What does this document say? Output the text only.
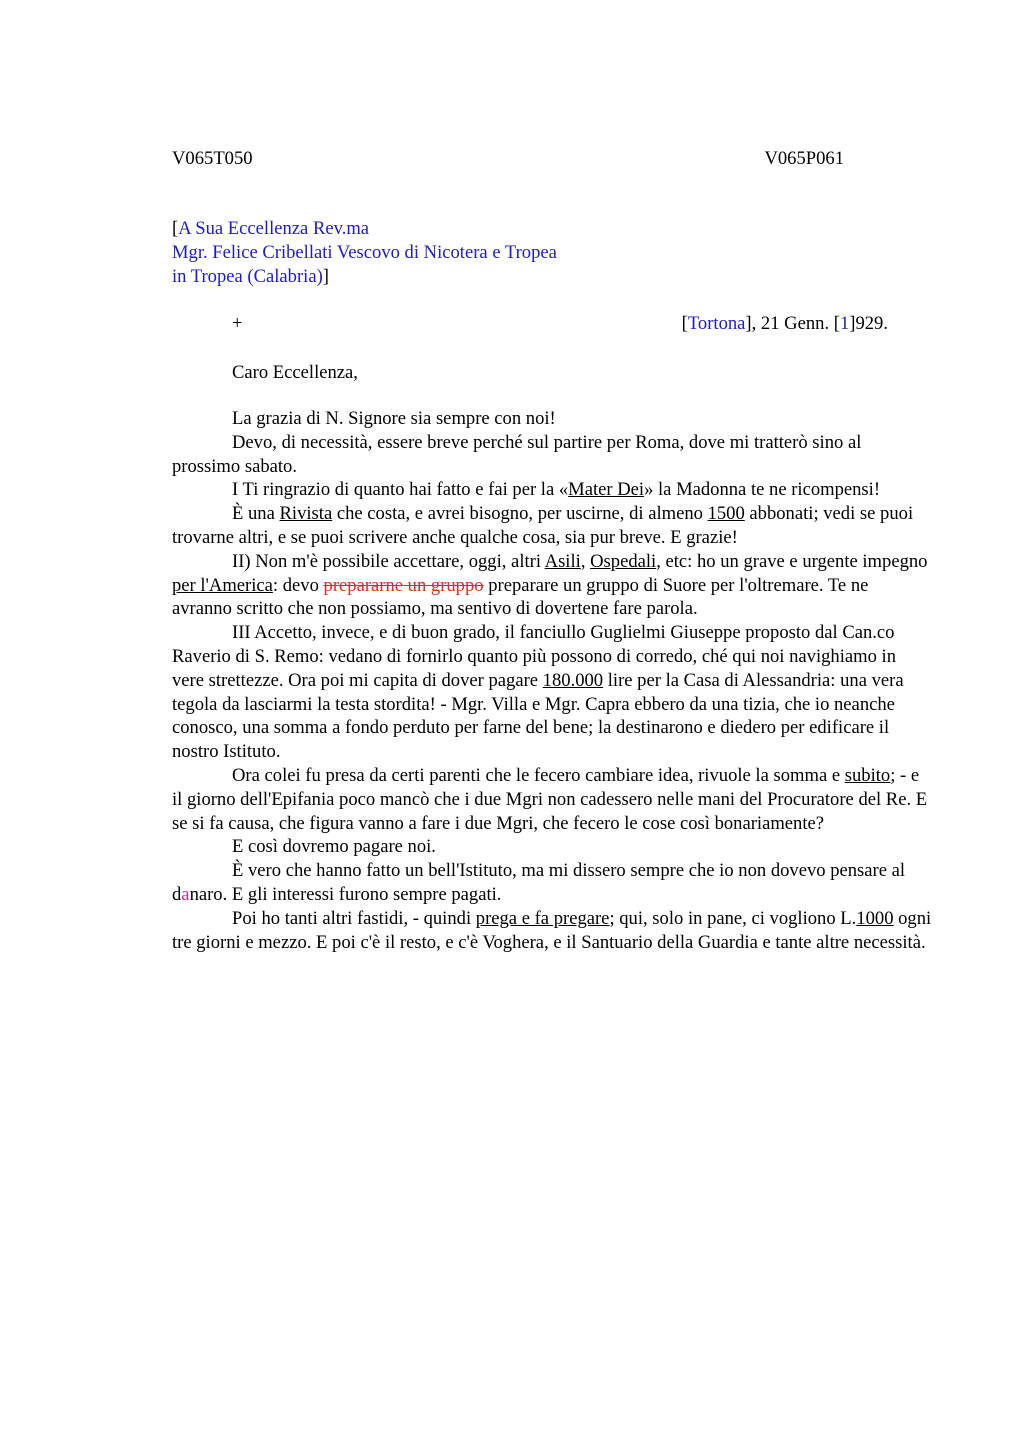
V065T050	V065P061
[A Sua Eccellenza Rev.ma
Mgr. Felice Cribellati Vescovo di Nicotera e Tropea
in Tropea (Calabria)]
+	[Tortona], 21 Genn. [1]929.
Caro Eccellenza,

La grazia di N. Signore sia sempre con noi!

Devo, di necessità, essere breve perché sul partire per Roma, dove mi tratterò sino al prossimo sabato.

I Ti ringrazio di quanto hai fatto e fai per la «Mater Dei» la Madonna te ne ricompensi!

È una Rivista che costa, e avrei bisogno, per uscirne, di almeno 1500 abbonati; vedi se puoi trovarne altri, e se puoi scrivere anche qualche cosa, sia pur breve. E grazie!

II) Non m'è possibile accettare, oggi, altri Asili, Ospedali, etc: ho un grave e urgente impegno per l'America: devo prepararne un gruppo preparare un gruppo di Suore per l'oltremare. Te ne avranno scritto che non possiamo, ma sentivo di dovertene fare parola.

III Accetto, invece, e di buon grado, il fanciullo Guglielmi Giuseppe proposto dal Can.co Raverio di S. Remo: vedano di fornirlo quanto più possono di corredo, ché qui noi navighiamo in vere strettezze. Ora poi mi capita di dover pagare 180.000 lire per la Casa di Alessandria: una vera tegola da lasciarmi la testa stordita! - Mgr. Villa e Mgr. Capra ebbero da una tizia, che io neanche conosco, una somma a fondo perduto per farne del bene; la destinarono e diedero per edificare il nostro Istituto.

Ora colei fu presa da certi parenti che le fecero cambiare idea, rivuole la somma e subito; - e il giorno dell'Epifania poco mancò che i due Mgri non cadessero nelle mani del Procuratore del Re. E se si fa causa, che figura vanno a fare i due Mgri, che fecero le cose così bonariamente?

E così dovremo pagare noi.

È vero che hanno fatto un bell'Istituto, ma mi dissero sempre che io non dovevo pensare al danaro. E gli interessi furono sempre pagati.

Poi ho tanti altri fastidi, - quindi prega e fa pregare; qui, solo in pane, ci vogliono L.1000 ogni tre giorni e mezzo. E poi c'è il resto, e c'è Voghera, e il Santuario della Guardia e tante altre necessità.
